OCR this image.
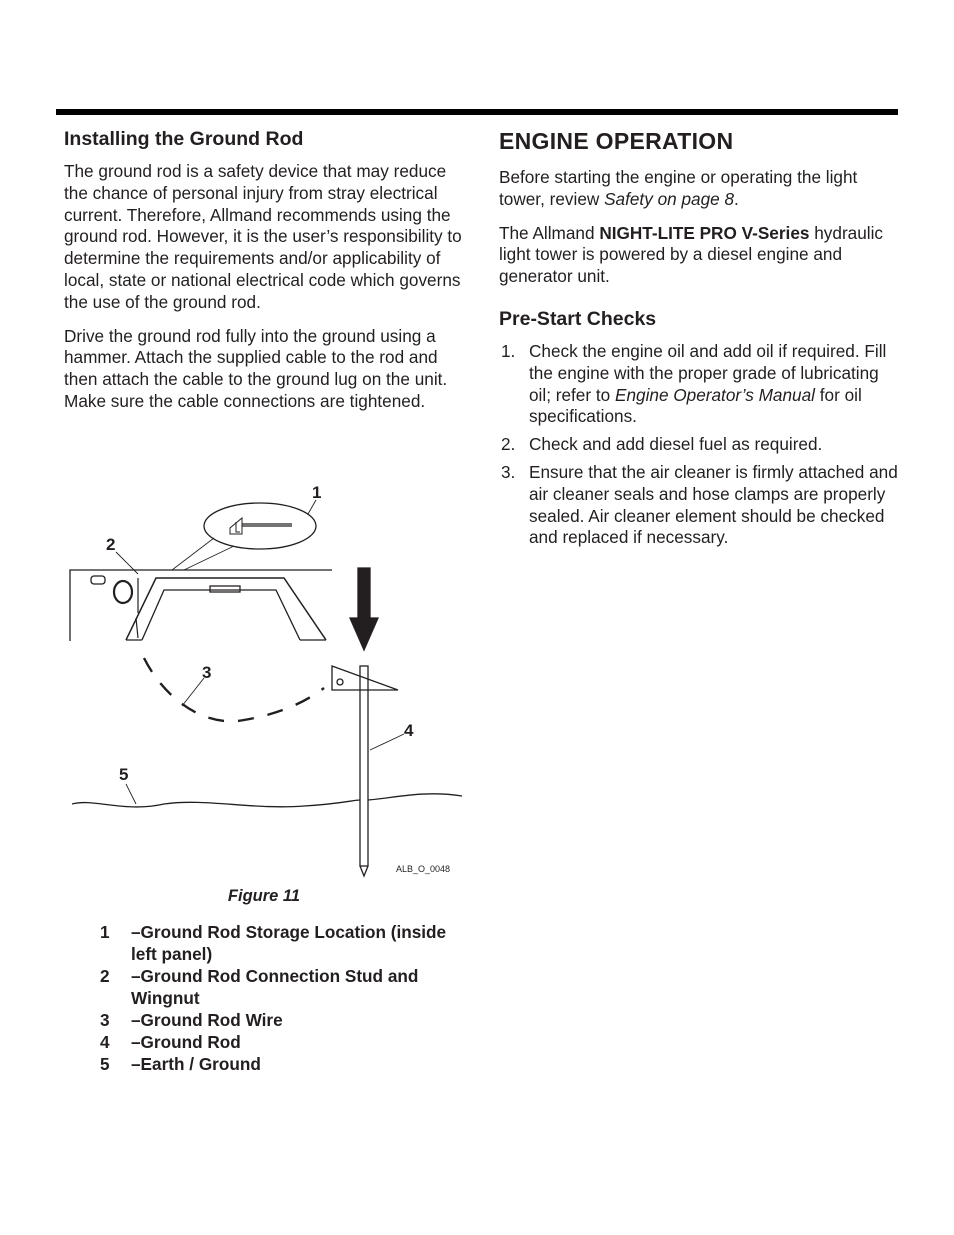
Installing the Ground Rod

The ground rod is a safety device that may reduce the chance of personal injury from stray electrical current. Therefore, Allmand recommends using the ground rod. However, it is the user’s responsibility to determine the requirements and/or applicability of local, state or national electrical code which governs the use of the ground rod.

Drive the ground rod fully into the ground using a hammer. Attach the supplied cable to the rod and then attach the cable to the ground lug on the unit. Make sure the cable connections are tightened.

1
2
3
4
5
ALB_O_0048
Figure 11
1 –Ground Rod Storage Location (inside left panel)
2 –Ground Rod Connection Stud and Wingnut
3 –Ground Rod Wire
4 –Ground Rod
5 –Earth / Ground
ENGINE OPERATION

Before starting the engine or operating the light tower, review Safety on page 8.

The Allmand NIGHT-LITE PRO V-Series hydraulic light tower is powered by a diesel engine and generator unit.

Pre-Start Checks
1. Check the engine oil and add oil if required. Fill the engine with the proper grade of lubricating oil; refer to Engine Operator’s Manual for oil specifications.
2. Check and add diesel fuel as required.
3. Ensure that the air cleaner is firmly attached and air cleaner seals and hose clamps are properly sealed. Air cleaner element should be checked and replaced if necessary.
